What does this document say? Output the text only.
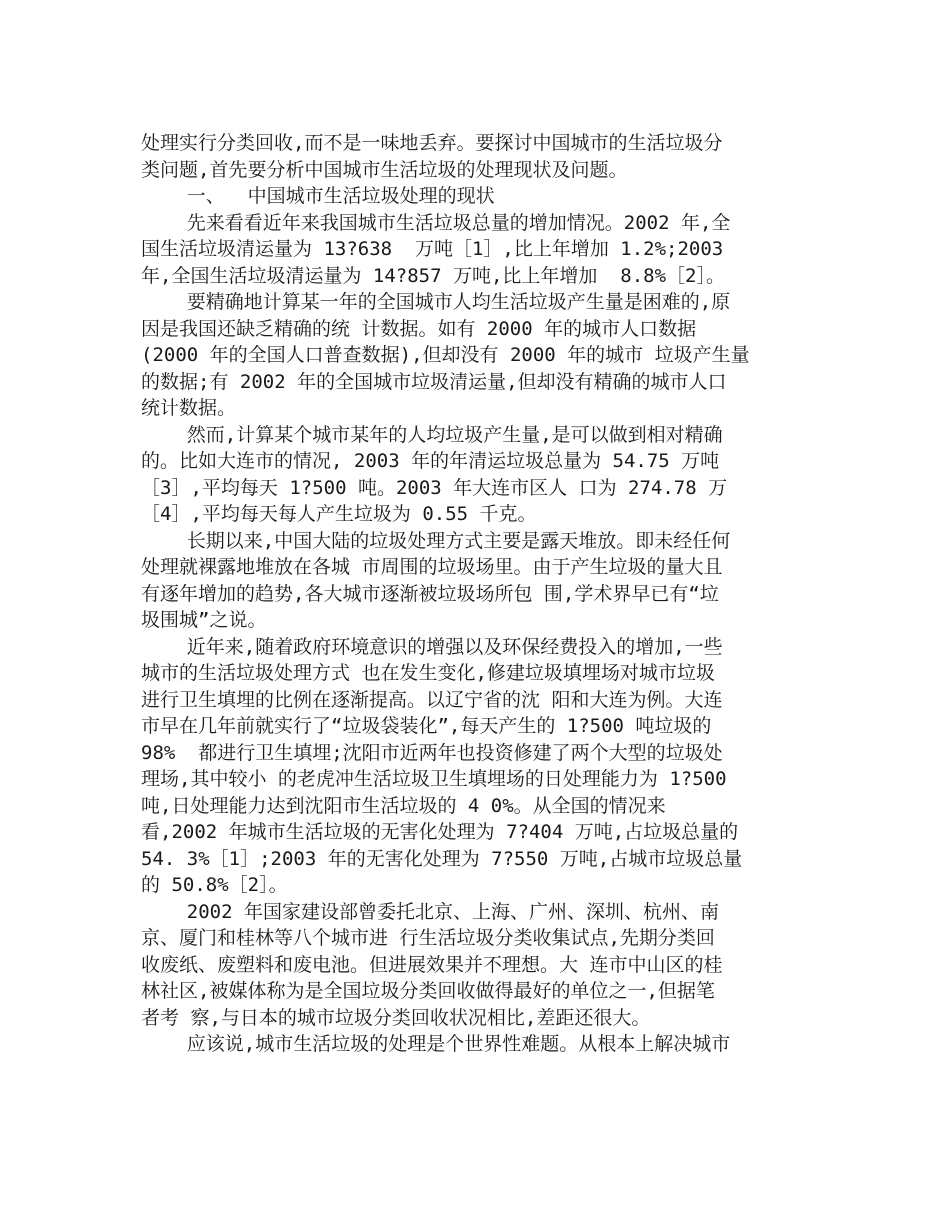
处理实行分类回收,而不是一味地丢弃。要探讨中国城市的生活垃圾分
类问题,首先要分析中国城市生活垃圾的处理现状及问题。
一、  中国城市生活垃圾处理的现状
先来看看近年来我国城市生活垃圾总量的增加情况。2002 年,全
国生活垃圾清运量为 13?638  万吨［1］,比上年增加 1.2%;2003
年,全国生活垃圾清运量为 14?857 万吨,比上年增加  8.8%［2］。
要精确地计算某一年的全国城市人均生活垃圾产生量是困难的,原
因是我国还缺乏精确的统 计数据。如有 2000 年的城市人口数据
(2000 年的全国人口普查数据),但却没有 2000 年的城市 垃圾产生量
的数据;有 2002 年的全国城市垃圾清运量,但却没有精确的城市人口
统计数据。
然而,计算某个城市某年的人均垃圾产生量,是可以做到相对精确
的。比如大连市的情况, 2003 年的年清运垃圾总量为 54.75 万吨
［3］,平均每天 1?500 吨。2003 年大连市区人 口为 274.78 万
［4］,平均每天每人产生垃圾为 0.55 千克。
长期以来,中国大陆的垃圾处理方式主要是露天堆放。即未经任何
处理就裸露地堆放在各城 市周围的垃圾场里。由于产生垃圾的量大且
有逐年增加的趋势,各大城市逐渐被垃圾场所包 围,学术界早已有“垃
圾围城”之说。
近年来,随着政府环境意识的增强以及环保经费投入的增加,一些
城市的生活垃圾处理方式 也在发生变化,修建垃圾填埋场对城市垃圾
进行卫生填埋的比例在逐渐提高。以辽宁省的沈 阳和大连为例。大连
市早在几年前就实行了“垃圾袋装化”,每天产生的 1?500 吨垃圾的
98%  都进行卫生填埋;沈阳市近两年也投资修建了两个大型的垃圾处
理场,其中较小 的老虎冲生活垃圾卫生填埋场的日处理能力为 1?500
吨,日处理能力达到沈阳市生活垃圾的 4 0%。从全国的情况来
看,2002 年城市生活垃圾的无害化处理为 7?404 万吨,占垃圾总量的
54. 3%［1］;2003 年的无害化处理为 7?550 万吨,占城市垃圾总量
的 50.8%［2］。
2002 年国家建设部曾委托北京、上海、广州、深圳、杭州、南
京、厦门和桂林等八个城市进 行生活垃圾分类收集试点,先期分类回
收废纸、废塑料和废电池。但进展效果并不理想。大 连市中山区的桂
林社区,被媒体称为是全国垃圾分类回收做得最好的单位之一,但据笔
者考 察,与日本的城市垃圾分类回收状况相比,差距还很大。
应该说,城市生活垃圾的处理是个世界性难题。从根本上解决城市
